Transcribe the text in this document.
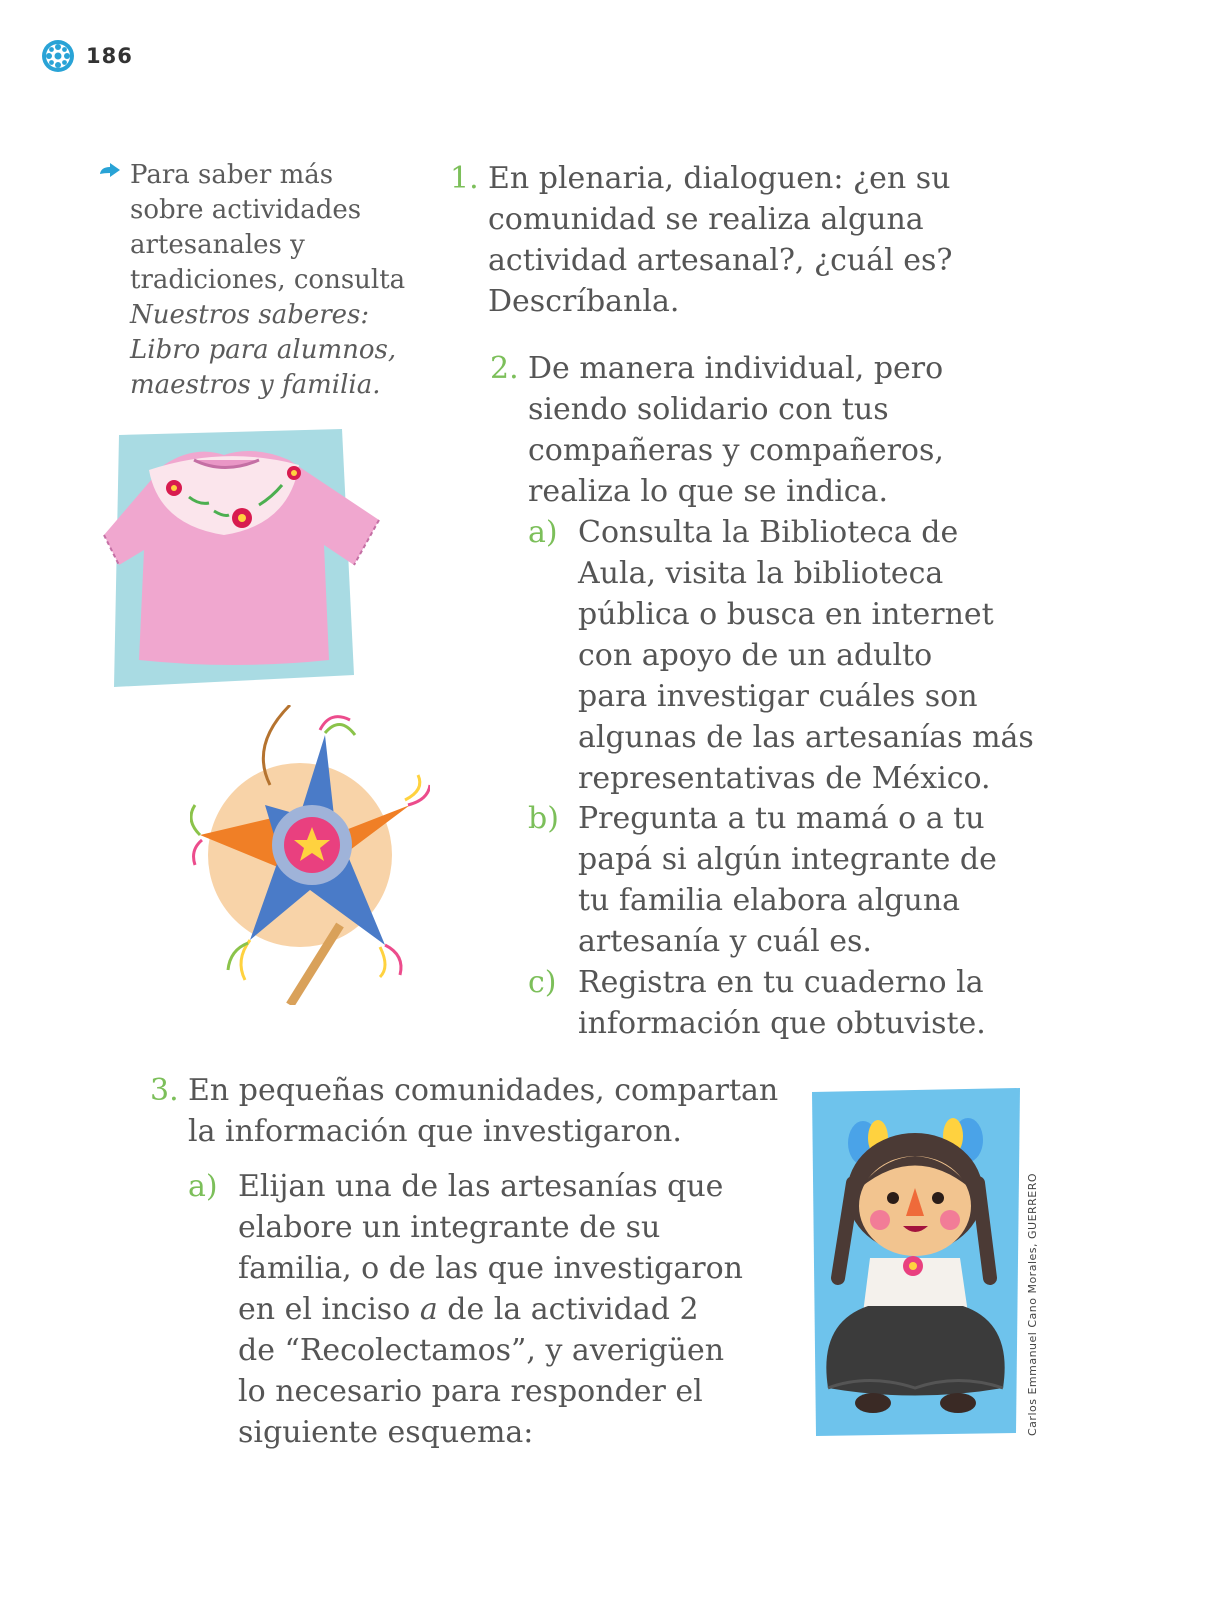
186
Para saber más
sobre actividades
artesanales y
tradiciones, consulta
Nuestros saberes:
Libro para alumnos,
maestros y familia.
1. En plenaria, dialoguen: ¿en su
comunidad se realiza alguna
actividad artesanal?, ¿cuál es?
Descríbanla.
2. De manera individual, pero
siendo solidario con tus
compañeras y compañeros,
realiza lo que se indica.
a) Consulta la Biblioteca de
Aula, visita la biblioteca
pública o busca en internet
con apoyo de un adulto
para investigar cuáles son
algunas de las artesanías más
representativas de México.
b) Pregunta a tu mamá o a tu
papá si algún integrante de
tu familia elabora alguna
artesanía y cuál es.
c) Registra en tu cuaderno la
información que obtuviste.
3. En pequeñas comunidades, compartan
la información que investigaron.
a) Elijan una de las artesanías que
elabore un integrante de su
familia, o de las que investigaron
en el inciso a de la actividad 2
de “Recolectamos”, y averigüen
lo necesario para responder el
siguiente esquema:	Carlos Emmanuel Cano Morales, GUERRERO
